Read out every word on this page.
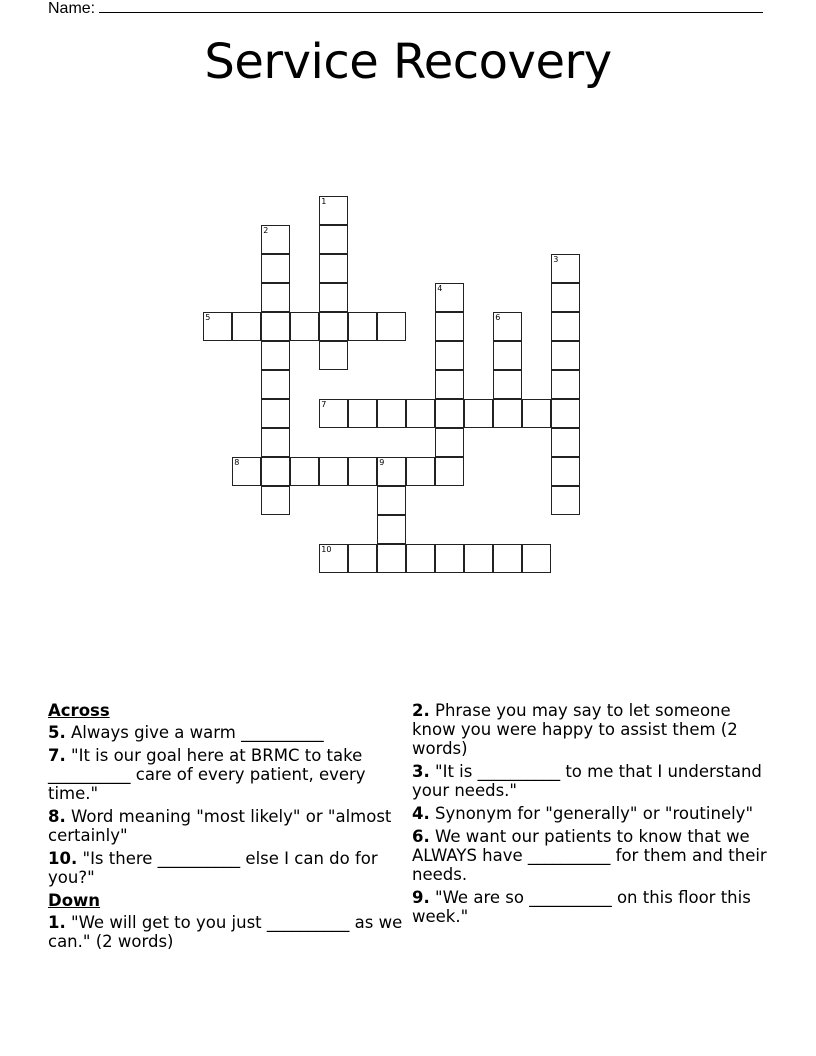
Name:
Service Recovery
1
2
3
4
5	6
7
8	9
10
Across
5. Always give a warm __________
7. "It is our goal here at BRMC to take __________ care of every patient, every time."
8. Word meaning "most likely" or "almost certainly"
10. "Is there __________ else I can do for you?"
Down
1. "We will get to you just __________ as we can." (2 words)
2. Phrase you may say to let someone know you were happy to assist them (2 words)
3. "It is __________ to me that I understand your needs."
4. Synonym for "generally" or "routinely"
6. We want our patients to know that we ALWAYS have __________ for them and their needs.
9. "We are so __________ on this floor this week."
